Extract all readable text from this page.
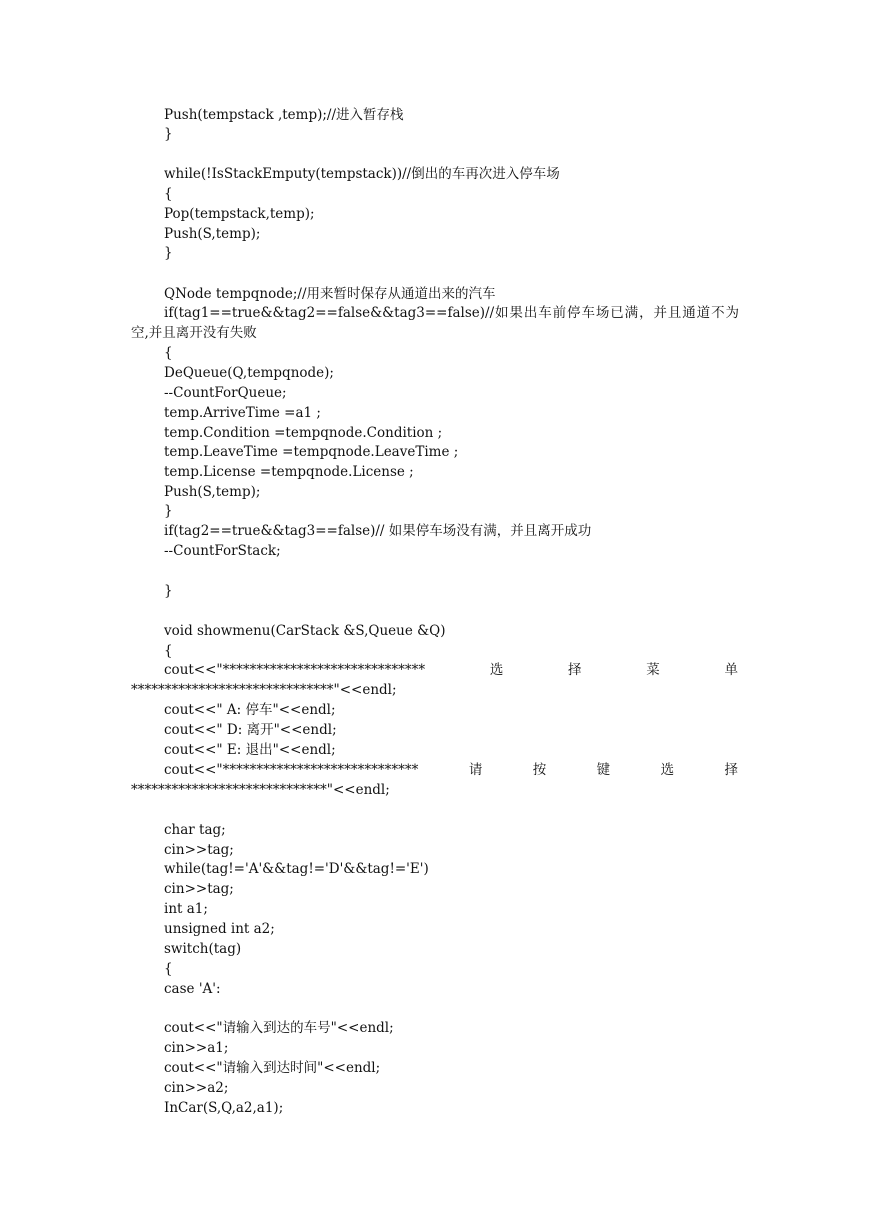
Push(tempstack ,temp);//进入暂存栈
}
while(!IsStackEmputy(tempstack))//倒出的车再次进入停车场
{
Pop(tempstack,temp);
Push(S,temp);
}
QNode tempqnode;//用来暂时保存从通道出来的汽车
if(tag1==true&&tag2==false&&tag3==false)//如果出车前停车场已满，并且通道不为空,并且离开没有失败
{
DeQueue(Q,tempqnode);
--CountForQueue;
temp.ArriveTime =a1 ;
temp.Condition =tempqnode.Condition ;
temp.LeaveTime =tempqnode.LeaveTime ;
temp.License =tempqnode.License ;
Push(S,temp);
}
if(tag2==true&&tag3==false)// 如果停车场没有满，并且离开成功
--CountForStack;
}
void showmenu(CarStack &S,Queue &Q)
{
cout<<"******************************	选	择	菜	单
******************************"<<endl;
cout<<" A: 停车"<<endl;
cout<<" D: 离开"<<endl;
cout<<" E: 退出"<<endl;
cout<<"*****************************	请	按	键	选	择
*****************************"<<endl;
char tag;
cin>>tag;
while(tag!='A'&&tag!='D'&&tag!='E')
cin>>tag;
int a1;
unsigned int a2;
switch(tag)
{
case 'A':
cout<<"请输入到达的车号"<<endl;
cin>>a1;
cout<<"请输入到达时间"<<endl;
cin>>a2;
InCar(S,Q,a2,a1);
